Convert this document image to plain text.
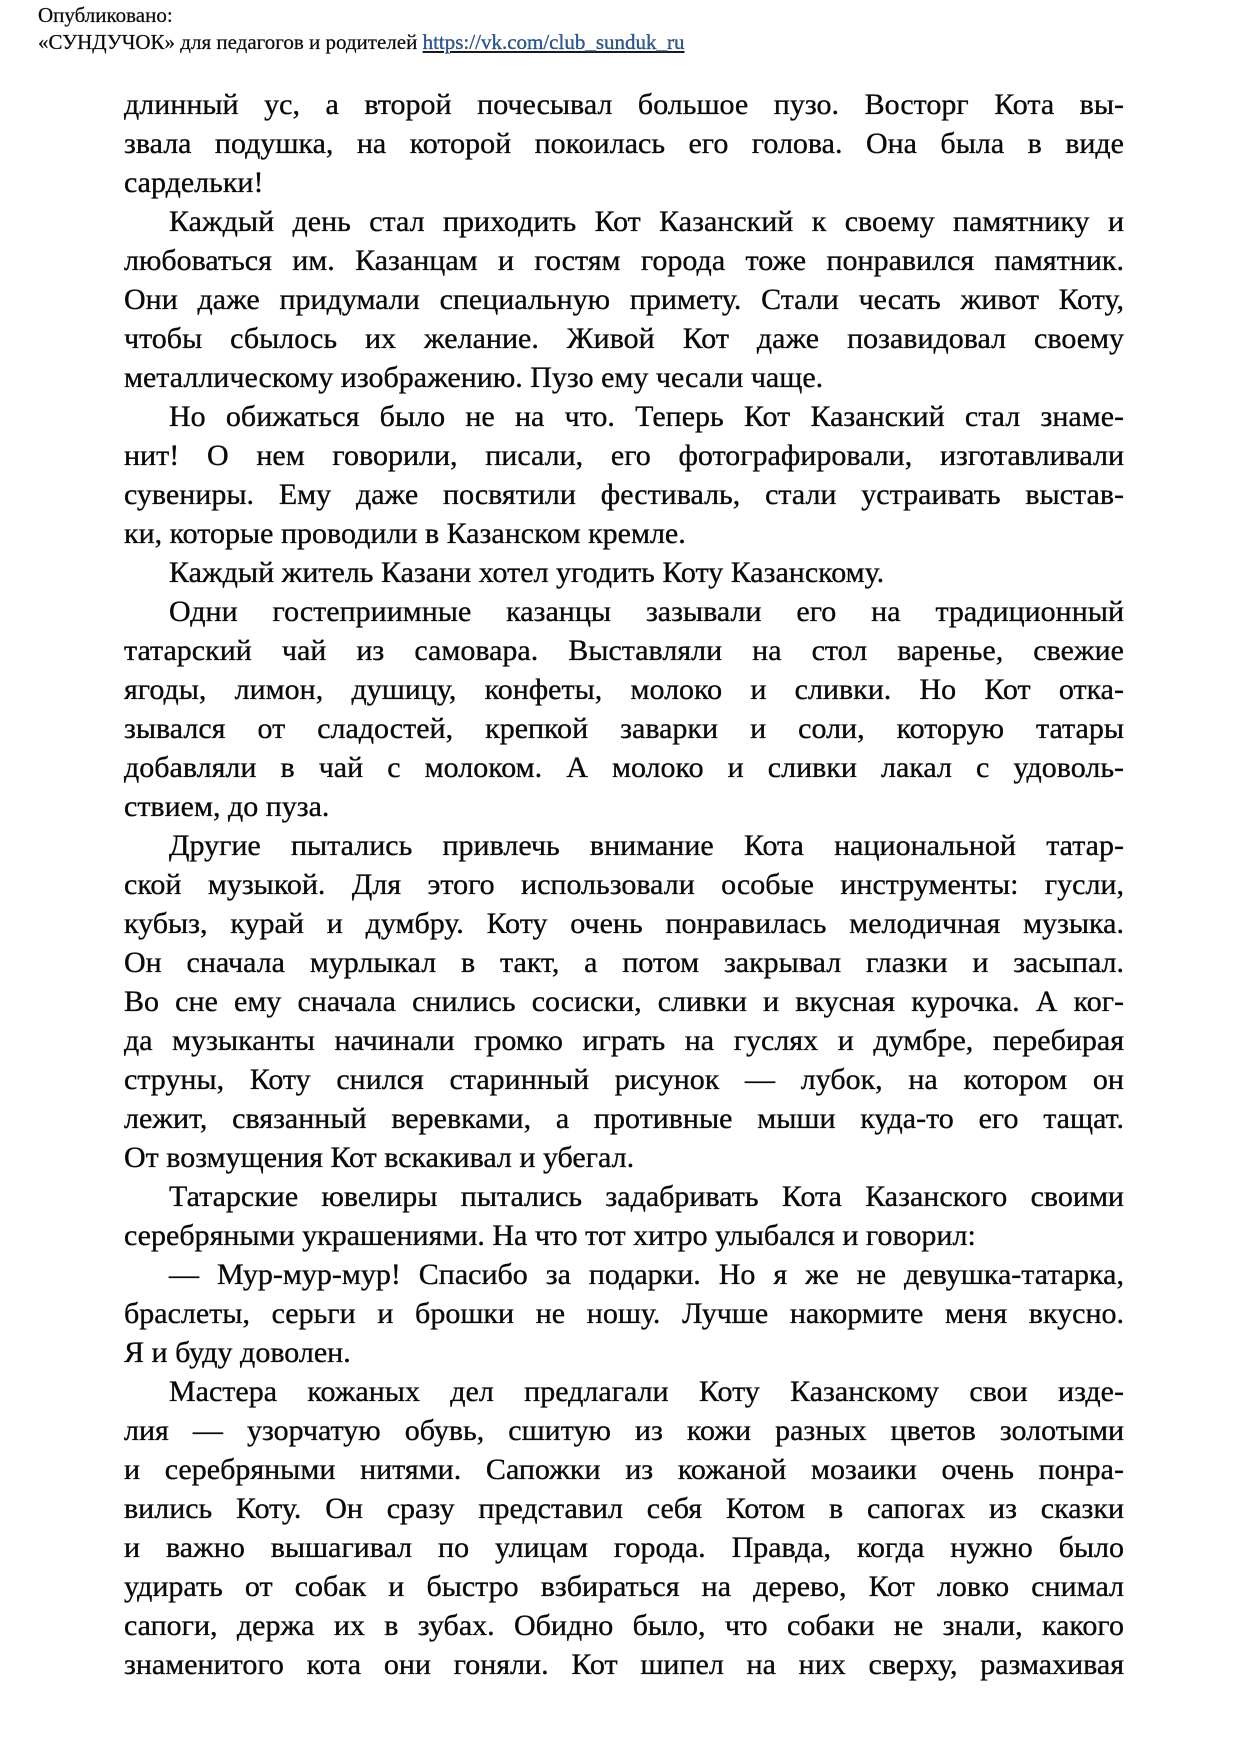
Опубликовано:
«СУНДУЧОК» для педагогов и родителей https://vk.com/club_sunduk_ru
длинный ус, а второй почесывал большое пузо. Восторг Кота вы-
звала подушка, на которой покоилась его голова. Она была в виде
сардельки!
Каждый день стал приходить Кот Казанский к своему памятнику и
любоваться им. Казанцам и гостям города тоже понравился памятник.
Они даже придумали специальную примету. Стали чесать живот Коту,
чтобы сбылось их желание. Живой Кот даже позавидовал своему
металлическому изображению. Пузо ему чесали чаще.
Но обижаться было не на что. Теперь Кот Казанский стал знаме-
нит! О нем говорили, писали, его фотографировали, изготавливали
сувениры. Ему даже посвятили фестиваль, стали устраивать выстав-
ки, которые проводили в Казанском кремле.
Каждый житель Казани хотел угодить Коту Казанскому.
Одни гостеприимные казанцы зазывали его на традиционный
татарский чай из самовара. Выставляли на стол варенье, свежие
ягоды, лимон, душицу, конфеты, молоко и сливки. Но Кот отка-
зывался от сладостей, крепкой заварки и соли, которую татары
добавляли в чай с молоком. А молоко и сливки лакал с удоволь-
ствием, до пуза.
Другие пытались привлечь внимание Кота национальной татар-
ской музыкой. Для этого использовали особые инструменты: гусли,
кубыз, курай и думбру. Коту очень понравилась мелодичная музыка.
Он сначала мурлыкал в такт, а потом закрывал глазки и засыпал.
Во сне ему сначала снились сосиски, сливки и вкусная курочка. А ког-
да музыканты начинали громко играть на гуслях и думбре, перебирая
струны, Коту снился старинный рисунок — лубок, на котором он
лежит, связанный веревками, а противные мыши куда-то его тащат.
От возмущения Кот вскакивал и убегал.
Татарские ювелиры пытались задабривать Кота Казанского своими
серебряными украшениями. На что тот хитро улыбался и говорил:
— Мур-мур-мур! Спасибо за подарки. Но я же не девушка-татарка,
браслеты, серьги и брошки не ношу. Лучше накормите меня вкусно.
Я и буду доволен.
Мастера кожаных дел предлагали Коту Казанскому свои изде-
лия — узорчатую обувь, сшитую из кожи разных цветов золотыми
и серебряными нитями. Сапожки из кожаной мозаики очень понра-
вились Коту. Он сразу представил себя Котом в сапогах из сказки
и важно вышагивал по улицам города. Правда, когда нужно было
удирать от собак и быстро взбираться на дерево, Кот ловко снимал
сапоги, держа их в зубах. Обидно было, что собаки не знали, какого
знаменитого кота они гоняли. Кот шипел на них сверху, размахивая
